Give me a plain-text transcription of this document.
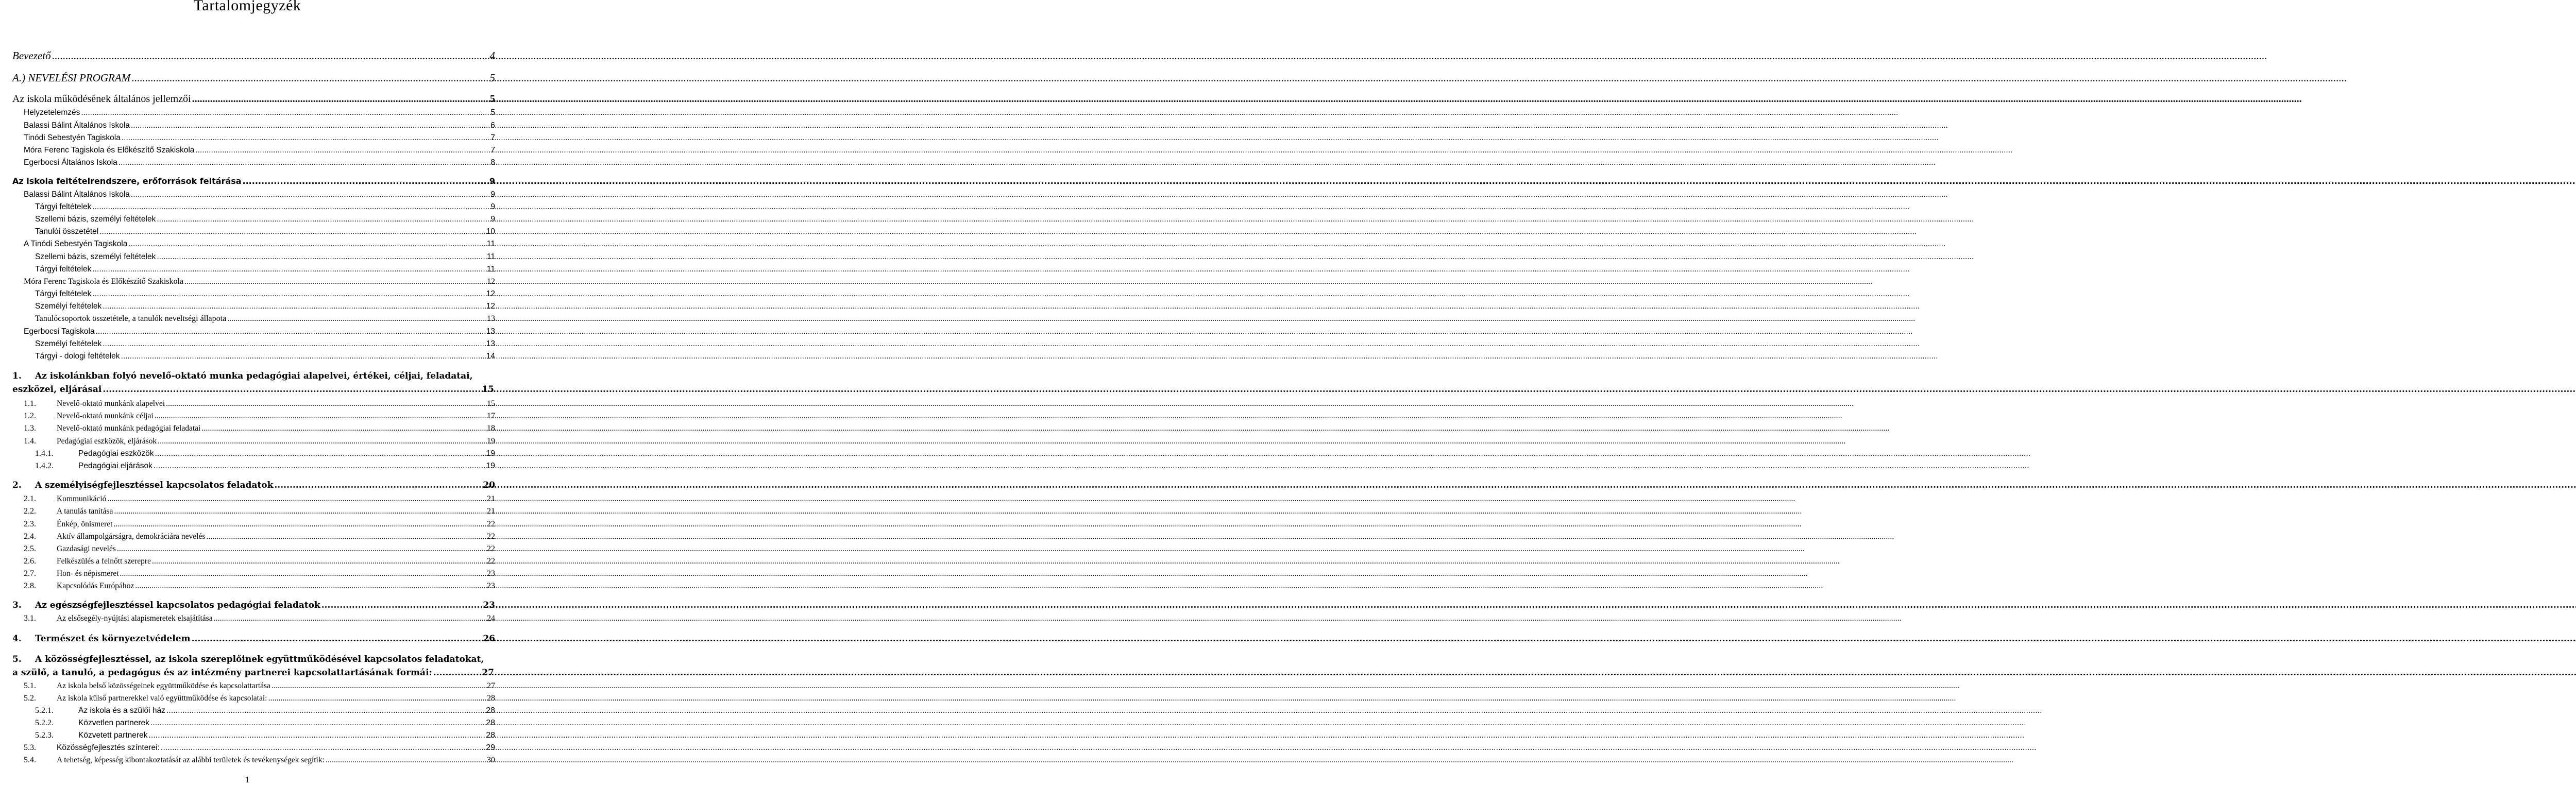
Tartalomjegyzék
Bevezető .....	4
A.) NEVELÉSI PROGRAM .....	5
Az iskola működésének általános jellemzői .....	5
Helyzetelemzés .....	5
Balassi Bálint Általános Iskola .....	6
Tinódi Sebestyén Tagiskola .....	7
Móra Ferenc Tagiskola és Előkészítő Szakiskola .....	7
Egerbocsi Általános Iskola .....	8
Az iskola feltételrendszere, erőforrások feltárása .....	9
Balassi Bálint Általános Iskola .....	9
Tárgyi feltételek .....	9
Szellemi bázis, személyi feltételek .....	9
Tanulói összetétel .....	10
A Tinódi Sebestyén Tagiskola .....	11
Szellemi bázis, személyi feltételek .....	11
Tárgyi feltételek .....	11
Móra Ferenc Tagiskola és Előkészítő Szakiskola .....	12
Tárgyi feltételek .....	12
Személyi feltételek .....	12
Tanulócsoportok összetétele, a tanulók neveltségi állapota .....	13
Egerbocsi Tagiskola .....	13
Személyi feltételek .....	13
Tárgyi - dologi feltételek .....	14
1.	Az iskolánkban folyó nevelő-oktató munka pedagógiai alapelvei, értékei, céljai, feladatai,
eszközei, eljárásai .....	15
1.1.	Nevelő-oktató munkánk alapelvei .....	15
1.2.	Nevelő-oktató munkánk céljai .....	17
1.3.	Nevelő-oktató munkánk pedagógiai feladatai .....	18
1.4.	Pedagógiai eszközök, eljárások .....	19
1.4.1.	Pedagógiai eszközök .....	19
1.4.2.	Pedagógiai eljárások .....	19
2.	A személyiségfejlesztéssel kapcsolatos feladatok .....	20
2.1.	Kommunikáció .....	21
2.2.	A tanulás tanítása .....	21
2.3.	Énkép, önismeret .....	22
2.4.	Aktív állampolgárságra, demokráciára nevelés .....	22
2.5.	Gazdasági nevelés .....	22
2.6.	Felkészülés a felnőtt szerepre .....	22
2.7.	Hon- és népismeret .....	23
2.8.	Kapcsolódás Európához .....	23
3.	Az egészségfejlesztéssel kapcsolatos pedagógiai feladatok .....	23
3.1.	Az elsősegély-nyújtási alapismeretek elsajátítása .....	24
4.	Természet és környezetvédelem .....	26
5.	A közösségfejlesztéssel, az iskola szereplőinek együttműködésével kapcsolatos feladatokat,
a szülő, a tanuló, a pedagógus és az intézmény partnerei kapcsolattartásának formái: .....	27
5.1.	Az iskola belső közösségeinek együttműködése és kapcsolattartása .....	27
5.2.	Az iskola külső partnerekkel való együttműködése és kapcsolatai: .....	28
5.2.1.	Az iskola és a szülői ház .....	28
5.2.2.	Közvetlen partnerek .....	28
5.2.3.	Közvetett partnerek .....	28
5.3.	Közösségfejlesztés színterei: .....	29
5.4.	A tehetség, képesség kibontakoztatását az alábbi területek és tevékenységek segítik: .....	30
1
